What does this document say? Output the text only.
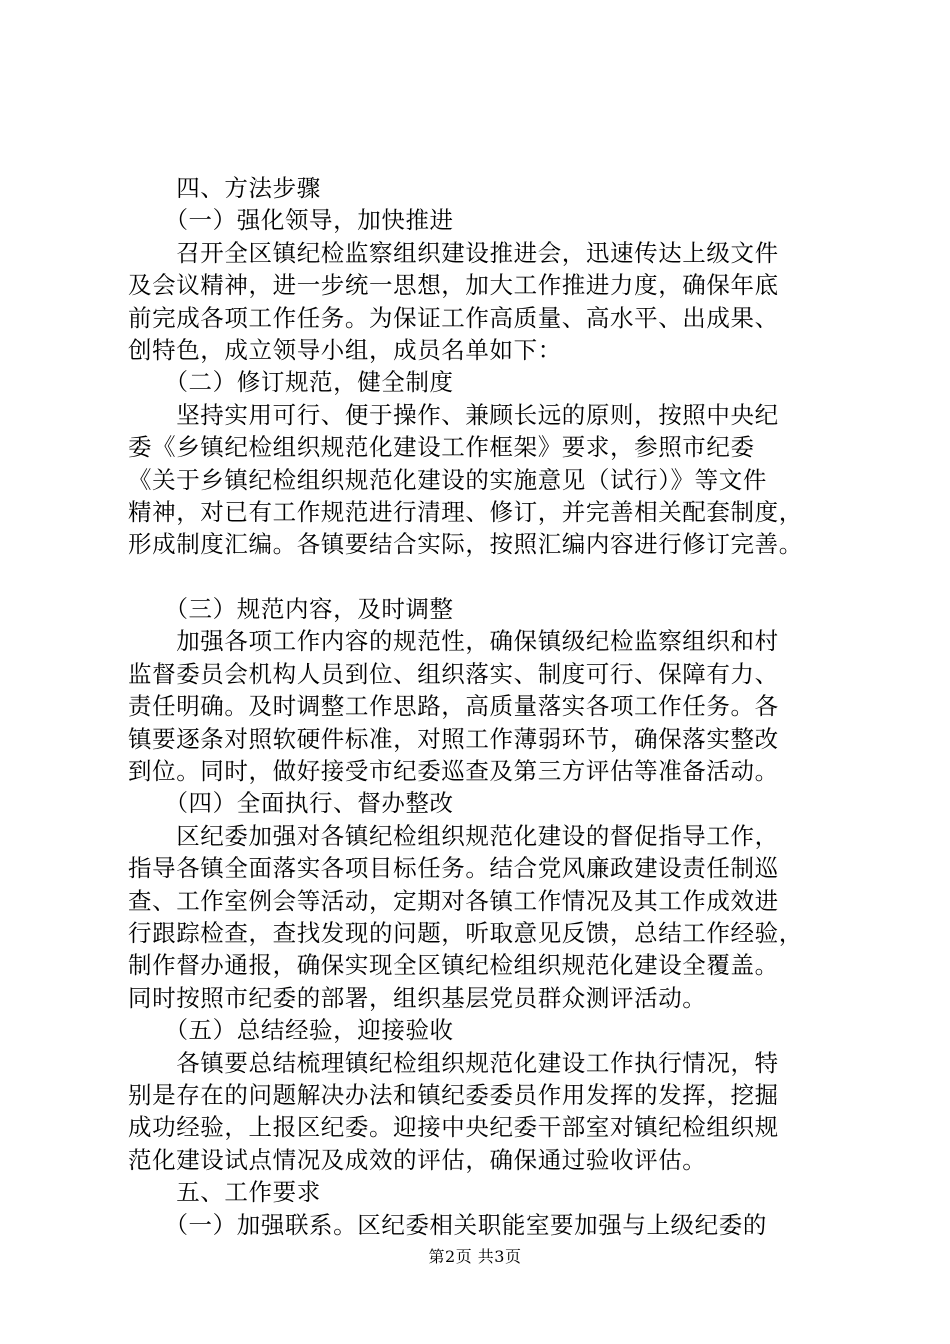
　　四、方法步骤
　　（一）强化领导，加快推进
　　召开全区镇纪检监察组织建设推进会，迅速传达上级文件
及会议精神，进一步统一思想，加大工作推进力度，确保年底
前完成各项工作任务。为保证工作高质量、高水平、出成果、
创特色，成立领导小组，成员名单如下：
　　（二）修订规范，健全制度
　　坚持实用可行、便于操作、兼顾长远的原则，按照中央纪
委《乡镇纪检组织规范化建设工作框架》要求，参照市纪委
《关于乡镇纪检组织规范化建设的实施意见（试行）》等文件
精神，对已有工作规范进行清理、修订，并完善相关配套制度，
形成制度汇编。各镇要结合实际，按照汇编内容进行修订完善。
　　（三）规范内容，及时调整
　　加强各项工作内容的规范性，确保镇级纪检监察组织和村
监督委员会机构人员到位、组织落实、制度可行、保障有力、
责任明确。及时调整工作思路，高质量落实各项工作任务。各
镇要逐条对照软硬件标准，对照工作薄弱环节，确保落实整改
到位。同时，做好接受市纪委巡查及第三方评估等准备活动。
　　（四）全面执行、督办整改
　　区纪委加强对各镇纪检组织规范化建设的督促指导工作，
指导各镇全面落实各项目标任务。结合党风廉政建设责任制巡
查、工作室例会等活动，定期对各镇工作情况及其工作成效进
行跟踪检查，查找发现的问题，听取意见反馈，总结工作经验，
制作督办通报，确保实现全区镇纪检组织规范化建设全覆盖。
同时按照市纪委的部署，组织基层党员群众测评活动。
　　（五）总结经验，迎接验收
　　各镇要总结梳理镇纪检组织规范化建设工作执行情况，特
别是存在的问题解决办法和镇纪委委员作用发挥的发挥，挖掘
成功经验，上报区纪委。迎接中央纪委干部室对镇纪检组织规
范化建设试点情况及成效的评估，确保通过验收评估。
　　五、工作要求
　　（一）加强联系。区纪委相关职能室要加强与上级纪委的
第2页 共3页
